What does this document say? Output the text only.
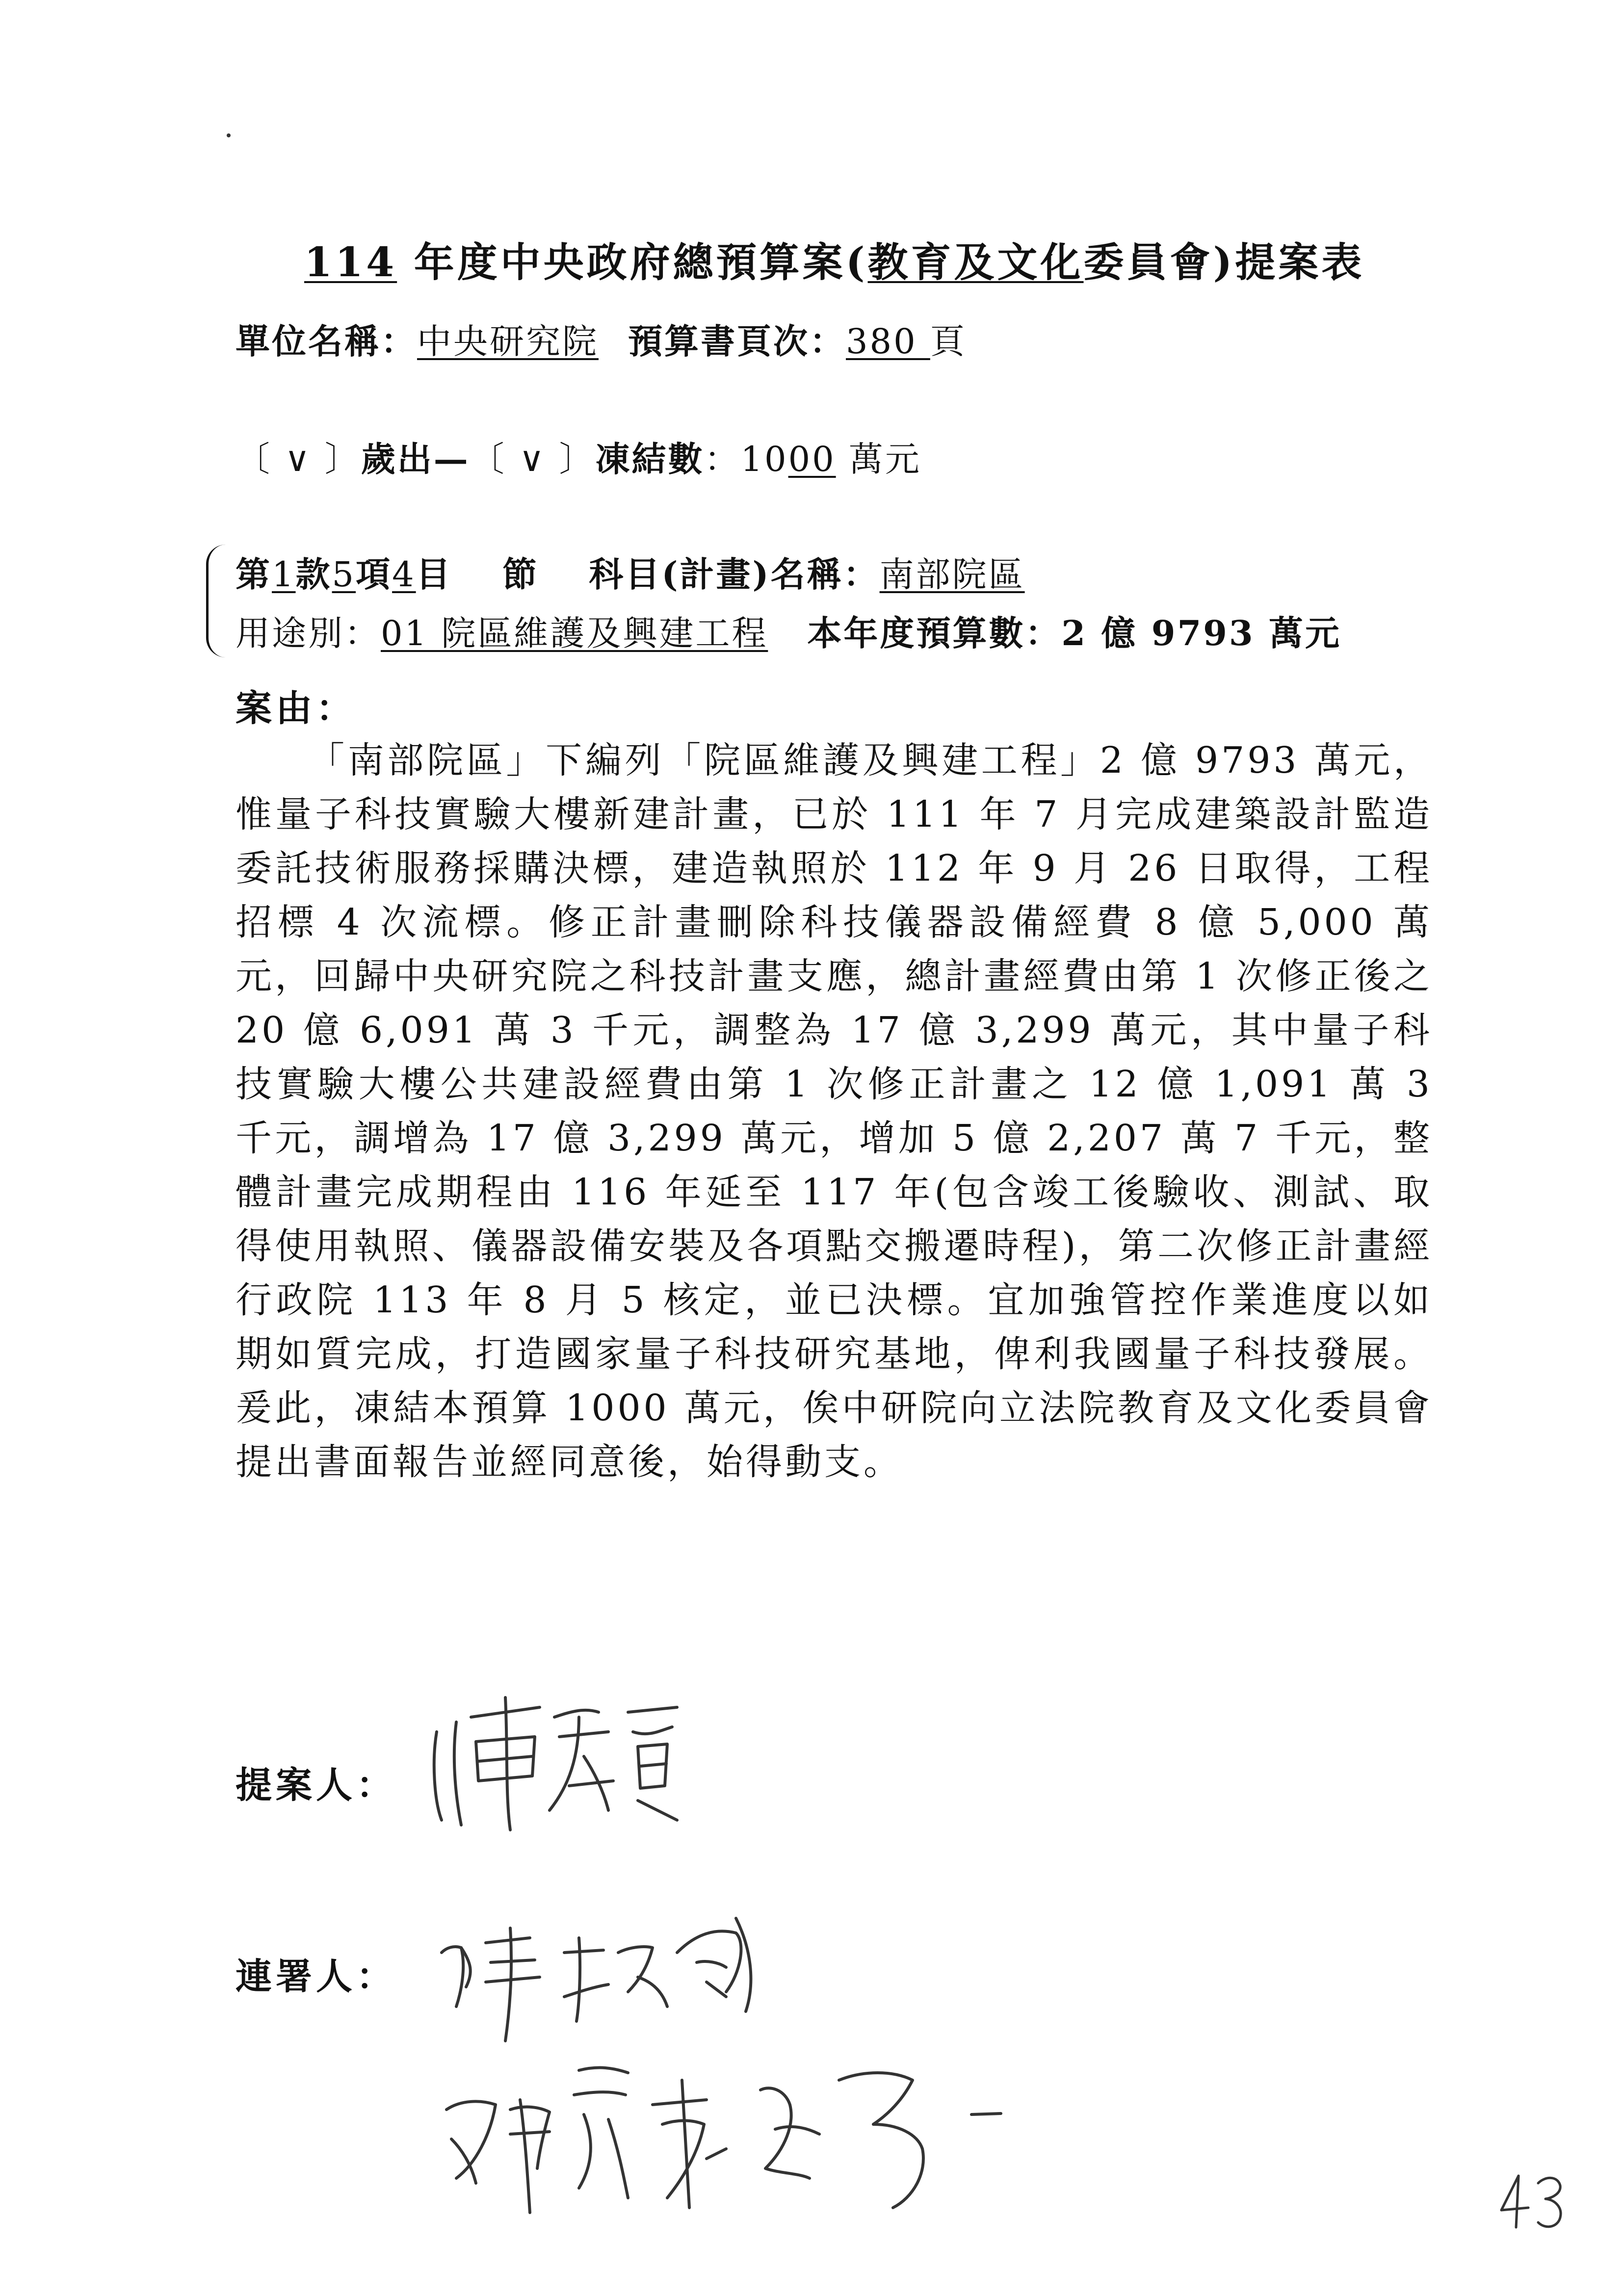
114 年度中央政府總預算案(教育及文化委員會)提案表
單位名稱：中央研究院 預算書頁次：380 頁
〔 ∨ 〕歲出—〔 ∨ 〕凍結數：1000 萬元
第1款5項4目　 節　 科目(計畫)名稱：南部院區
用途別：01 院區維護及興建工程 本年度預算數：2 億 9793 萬元
案由：
「南部院區」下編列「院區維護及興建工程」2 億 9793 萬元，惟量子科技實驗大樓新建計畫，已於 111 年 7 月完成建築設計監造委託技術服務採購決標，建造執照於 112 年 9 月 26 日取得，工程招標 4 次流標。修正計畫刪除科技儀器設備經費 8 億 5,000 萬元，回歸中央研究院之科技計畫支應，總計畫經費由第 1 次修正後之 20 億 6,091 萬 3 千元，調整為 17 億 3,299 萬元，其中量子科技實驗大樓公共建設經費由第 1 次修正計畫之 12 億 1,091 萬 3 千元，調增為 17 億 3,299 萬元，增加 5 億 2,207 萬 7 千元，整體計畫完成期程由 116 年延至 117 年(包含竣工後驗收、測試、取得使用執照、儀器設備安裝及各項點交搬遷時程)，第二次修正計畫經行政院 113 年 8 月 5 核定，並已決標。宜加強管控作業進度以如期如質完成，打造國家量子科技研究基地，俾利我國量子科技發展。爰此，凍結本預算 1000 萬元，俟中研院向立法院教育及文化委員會提出書面報告並經同意後，始得動支。
提案人：
連署人：
